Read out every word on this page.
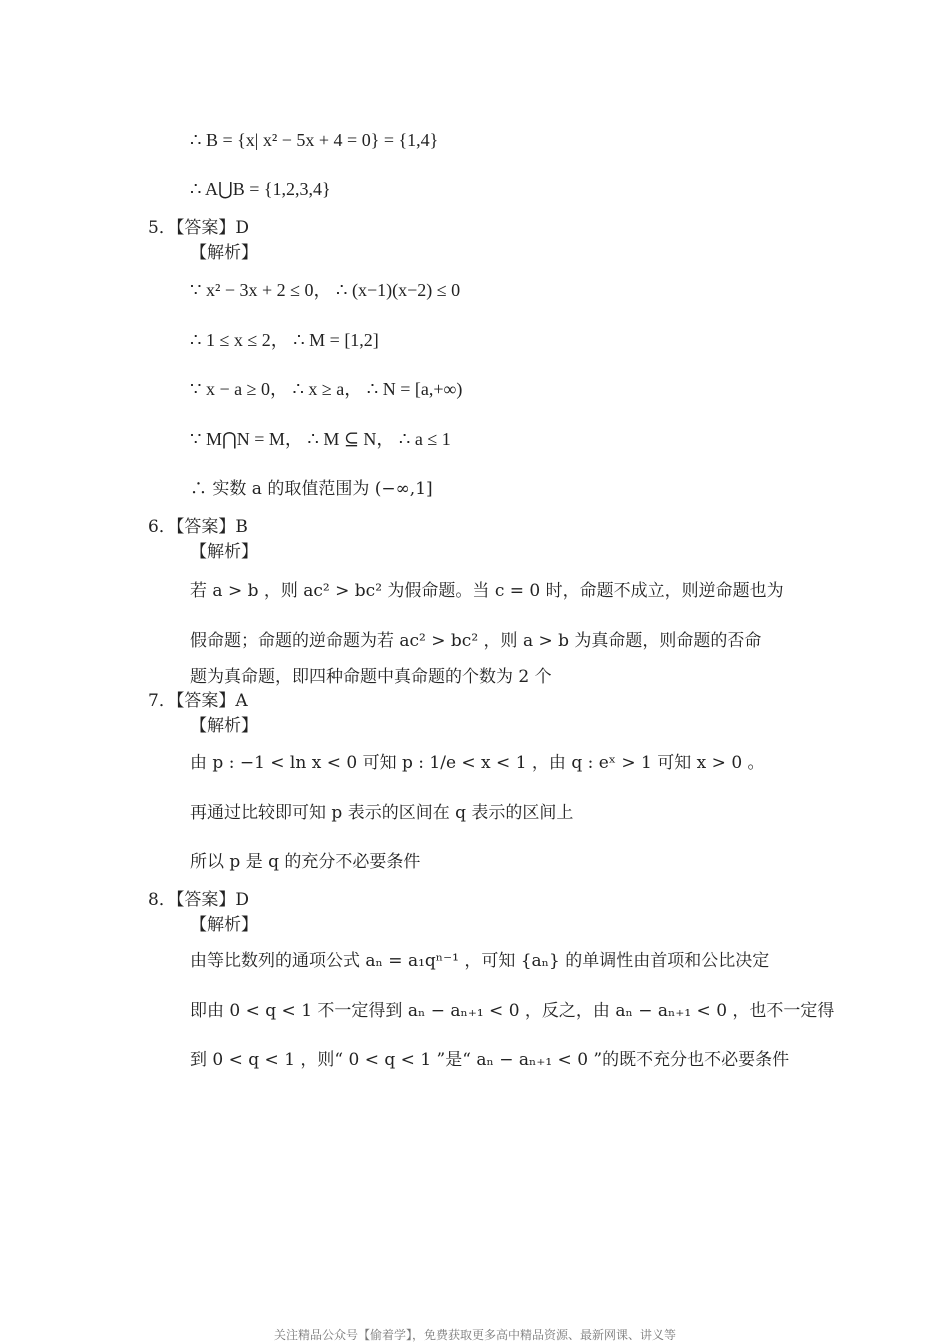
∴ B = {x| x² − 5x + 4 = 0} = {1,4}
∴ A⋃B = {1,2,3,4}
5．【答案】D
【解析】
∵ x² − 3x + 2 ≤ 0， ∴ (x−1)(x−2) ≤ 0
∴ 1 ≤ x ≤ 2， ∴ M = [1,2]
∵ x − a ≥ 0， ∴ x ≥ a， ∴ N = [a,+∞)
∵ M⋂N = M， ∴ M ⊆ N， ∴ a ≤ 1
∴ 实数 a 的取值范围为 (−∞,1]
6．【答案】B
【解析】
若 a > b ，则 ac² > bc² 为假命题。当 c = 0 时，命题不成立，则逆命题也为
假命题；命题的逆命题为若 ac² > bc² ，则 a > b 为真命题，则命题的否命
题为真命题，即四种命题中真命题的个数为 2 个
7．【答案】A
【解析】
由 p : −1 < ln x < 0 可知 p : 1/e < x < 1 ，由 q : eˣ > 1 可知 x > 0 。
再通过比较即可知 p 表示的区间在 q 表示的区间上
所以 p 是 q 的充分不必要条件
8．【答案】D
【解析】
由等比数列的通项公式 aₙ = a₁qⁿ⁻¹ ，可知 {aₙ} 的单调性由首项和公比决定
即由 0 < q < 1 不一定得到 aₙ − aₙ₊₁ < 0 ，反之，由 aₙ − aₙ₊₁ < 0 ，也不一定得
到 0 < q < 1 ，则“ 0 < q < 1 ”是“ aₙ − aₙ₊₁ < 0 ”的既不充分也不必要条件
关注精品公众号【偷着学】，免费获取更多高中精品资源、最新网课、讲义等
